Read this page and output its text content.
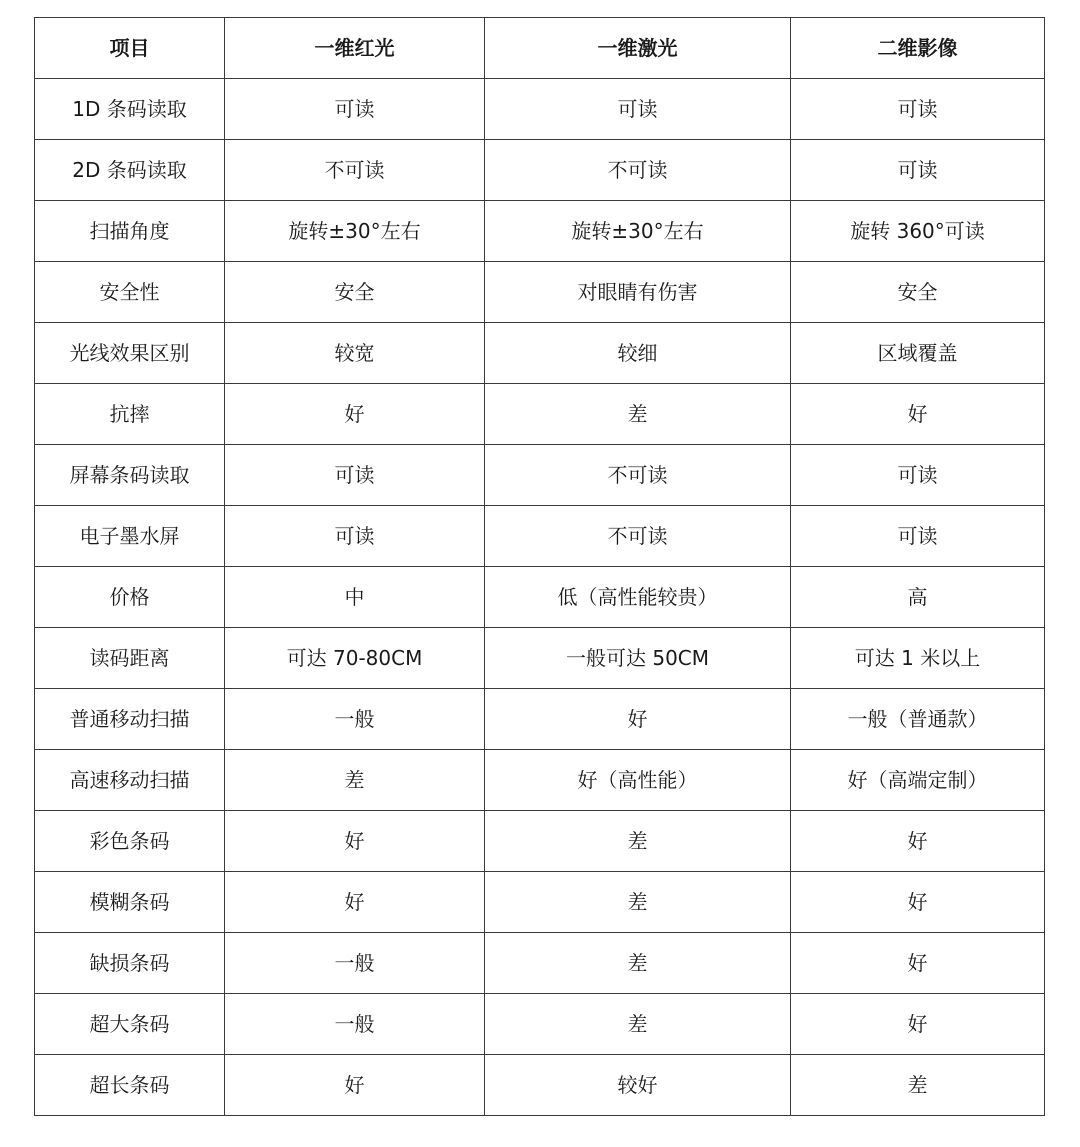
项目	一维红光	一维激光	二维影像
1D 条码读取	可读	可读	可读
2D 条码读取	不可读	不可读	可读
扫描角度	旋转±30°左右	旋转±30°左右	旋转 360°可读
安全性	安全	对眼睛有伤害	安全
光线效果区别	较宽	较细	区域覆盖
抗摔	好	差	好
屏幕条码读取	可读	不可读	可读
电子墨水屏	可读	不可读	可读
价格	中	低（高性能较贵）	高
读码距离	可达 70-80CM	一般可达 50CM	可达 1 米以上
普通移动扫描	一般	好	一般（普通款）
高速移动扫描	差	好（高性能）	好（高端定制）
彩色条码	好	差	好
模糊条码	好	差	好
缺损条码	一般	差	好
超大条码	一般	差	好
超长条码	好	较好	差
